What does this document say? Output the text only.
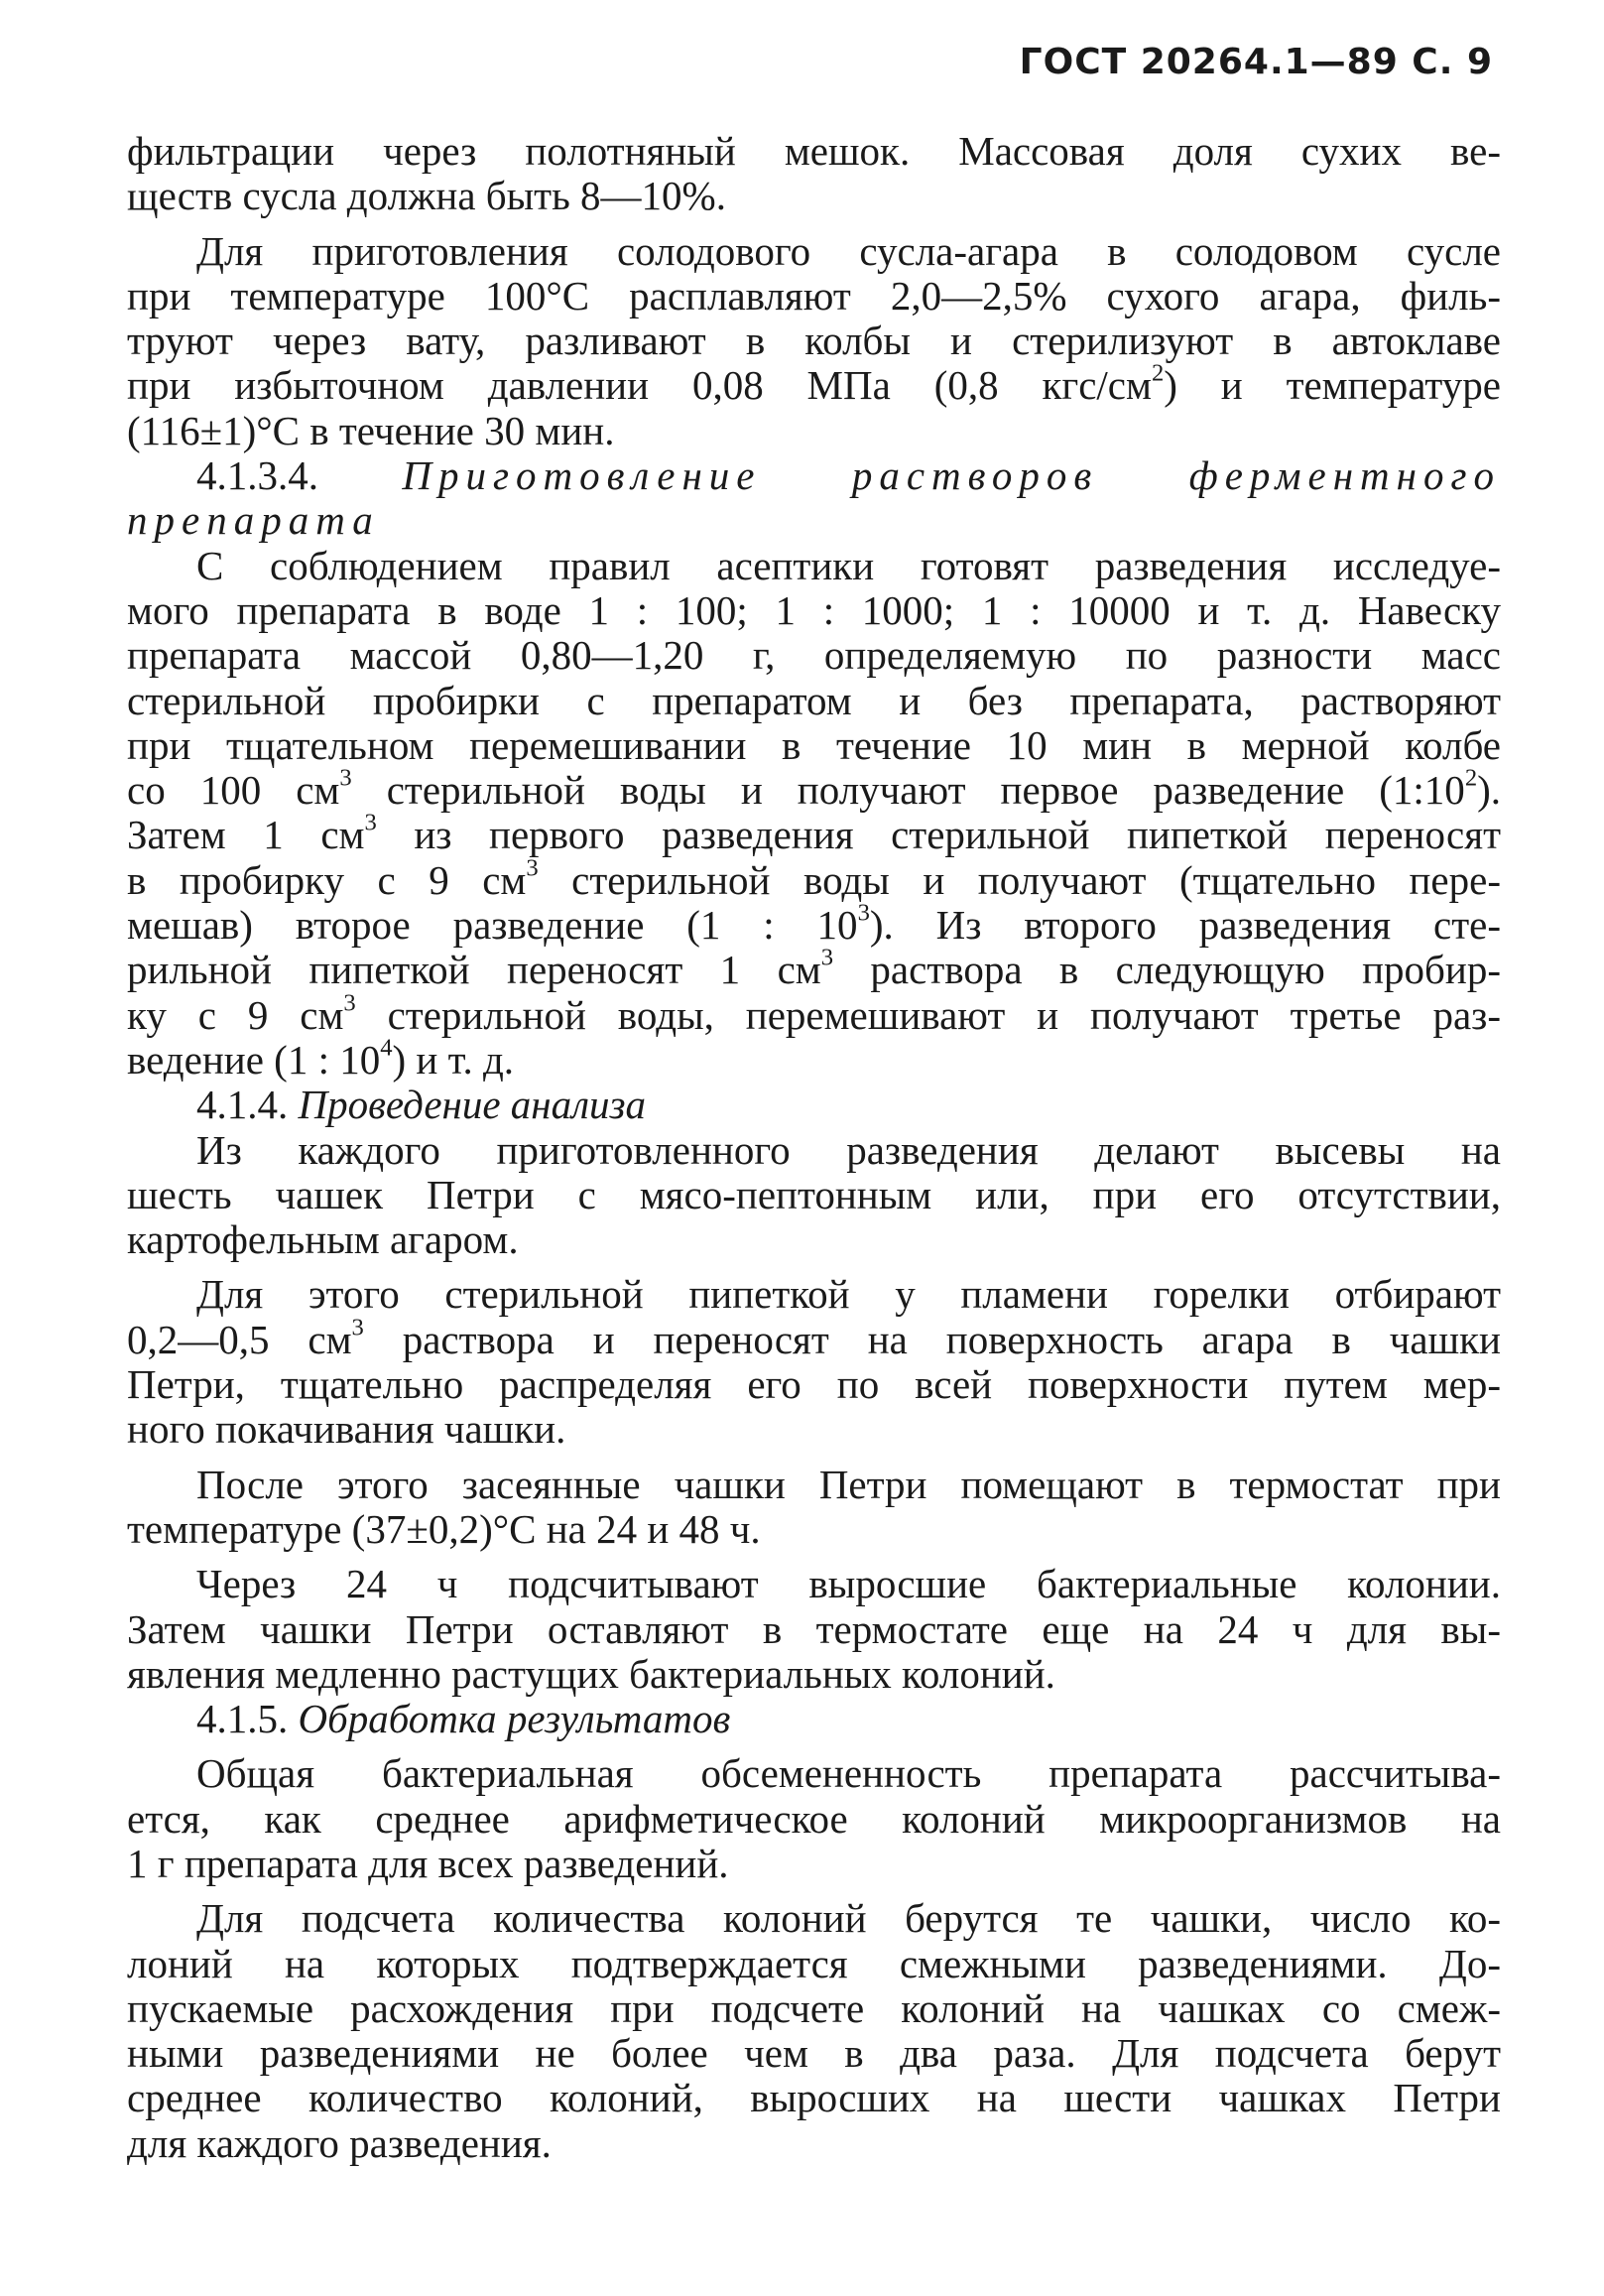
ГОСТ 20264.1—89 С. 9
фильтрации через полотняный мешок. Массовая доля сухих ве-
ществ сусла должна быть 8—10%.
Для приготовления солодового сусла-агара в солодовом сусле
при температуре 100°С расплавляют 2,0—2,5% сухого агара, филь-
труют через вату, разливают в колбы и стерилизуют в автоклаве
при избыточном давлении 0,08 МПа (0,8 кгс/$см^2$) и температуре
(116±1)°С в течение 30 мин.
4.1.3.4. Приготовление растворов ферментного
препарата
С соблюдением правил асептики готовят разведения исследуе-
мого препарата в воде 1 : 100; 1 : 1000; 1 : 10000 и т. д. Навеску
препарата массой 0,80—1,20 г, определяемую по разности масс
стерильной пробирки с препаратом и без препарата, растворяют
при тщательном перемешивании в течение 10 мин в мерной колбе
со 100 $см^3$ стерильной воды и получают первое разведение $(1:10^2)$.
Затем 1 $см^3$ из первого разведения стерильной пипеткой переносят
в пробирку с 9 $см^3$ стерильной воды и получают (тщательно пере-
мешав) второе разведение (1 : $10^3$). Из второго разведения сте-
рильной пипеткой переносят 1 $см^3$ раствора в следующую пробир-
ку с 9 $см^3$ стерильной воды, перемешивают и получают третье раз-
ведение (1 : $10^4$) и т. д.
4.1.4. Проведение анализа
Из каждого приготовленного разведения делают высевы на
шесть чашек Петри с мясо-пептонным или, при его отсутствии,
картофельным агаром.
Для этого стерильной пипеткой у пламени горелки отбирают
0,2—0,5 $см^3$ раствора и переносят на поверхность агара в чашки
Петри, тщательно распределяя его по всей поверхности путем мер-
ного покачивания чашки.
После этого засеянные чашки Петри помещают в термостат при
температуре (37±0,2)°С на 24 и 48 ч.
Через 24 ч подсчитывают выросшие бактериальные колонии.
Затем чашки Петри оставляют в термостате еще на 24 ч для вы-
явления медленно растущих бактериальных колоний.
4.1.5. Обработка результатов
Общая бактериальная обсемененность препарата рассчитыва-
ется, как среднее арифметическое колоний микроорганизмов на
1 г препарата для всех разведений.
Для подсчета количества колоний берутся те чашки, число ко-
лоний на которых подтверждается смежными разведениями. До-
пускаемые расхождения при подсчете колоний на чашках со смеж-
ными разведениями не более чем в два раза. Для подсчета берут
среднее количество колоний, выросших на шести чашках Петри
для каждого разведения.
